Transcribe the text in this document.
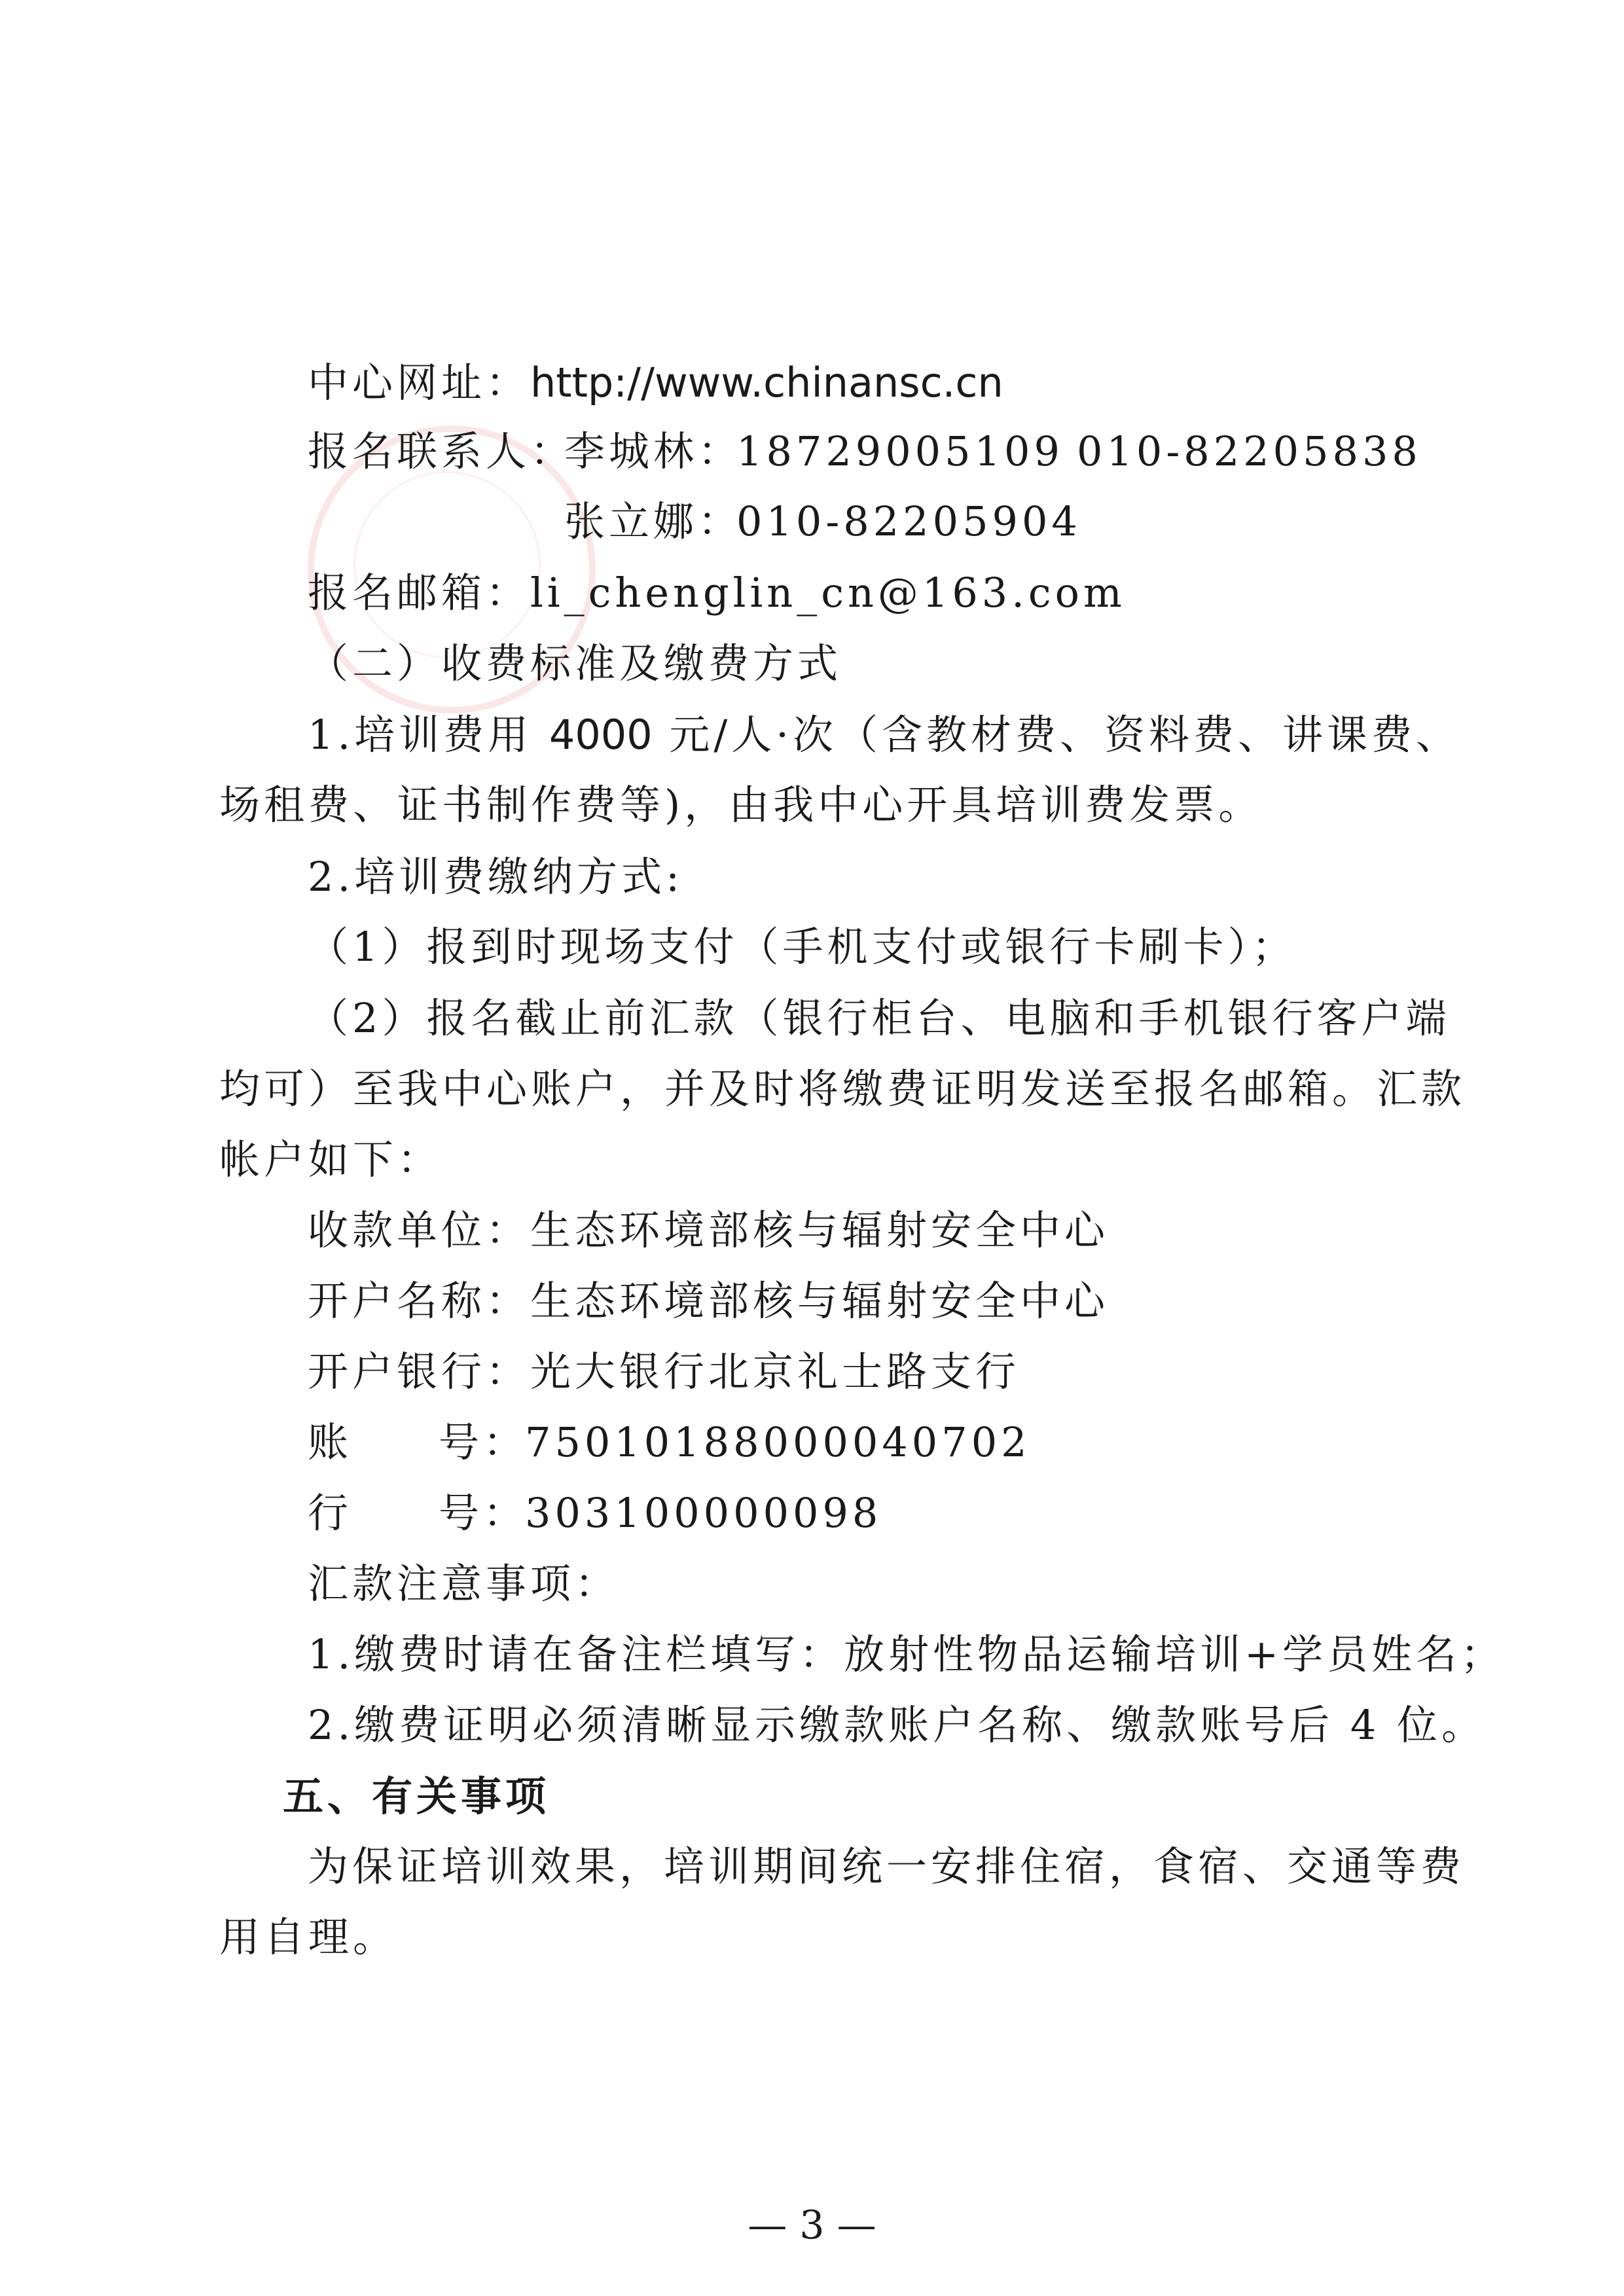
中心网址：http://www.chinansc.cn

报名联系人：

李城林：

18729005109 010-82205838

张立娜：

010-82205904

报名邮箱：li_chenglin_cn@163.com

（二）收费标准及缴费方式

1.培训费用 4000 元/人·次（含教材费、资料费、讲课费、

场租费、证书制作费等)，由我中心开具培训费发票。

2.培训费缴纳方式:

（1）报到时现场支付（手机支付或银行卡刷卡）；

（2）报名截止前汇款（银行柜台、电脑和手机银行客户端

均可）至我中心账户，并及时将缴费证明发送至报名邮箱。汇款

帐户如下：

收款单位：生态环境部核与辐射安全中心

开户名称：生态环境部核与辐射安全中心

开户银行：光大银行北京礼士路支行

账 号：

75010188000040702

行 号：

303100000098

汇款注意事项：

1.缴费时请在备注栏填写：放射性物品运输培训+学员姓名；

2.缴费证明必须清晰显示缴款账户名称、缴款账号后 4 位。

五、有关事项

为保证培训效果，培训期间统一安排住宿，食宿、交通等费

用自理。

— 3 —
